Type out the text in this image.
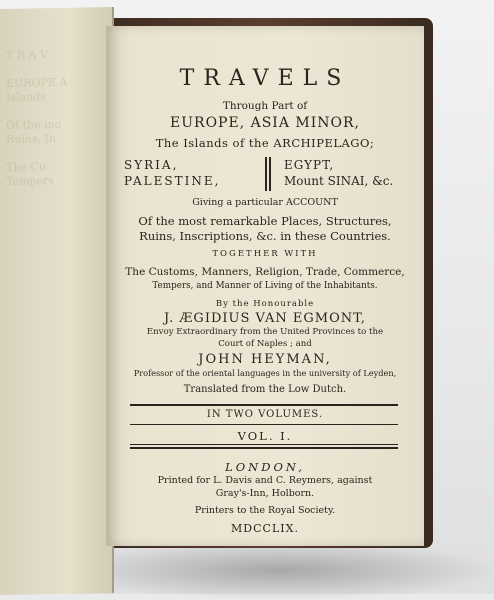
T R A V

EUROPE A
Islands

Of the mo
Ruins, In

The Cu
Tempers
TRAVELS
Through Part of
EUROPE, ASIA MINOR,
The Islands of the ARCHIPELAGO;
SYRIA,
PALESTINE,
EGYPT,
Mount SINAI, &c.
Giving a particular ACCOUNT
Of the most remarkable Places, Structures,
Ruins, Inscriptions, &c. in these Countries.
TOGETHER WITH
The Customs, Manners, Religion, Trade, Commerce,
Tempers, and Manner of Living of the Inhabitants.
By the Honourable
J. ÆGIDIUS VAN EGMONT,
Envoy Extraordinary from the United Provinces to the
Court of Naples ; and
JOHN HEYMAN,
Professor of the oriental languages in the university of Leyden,
Translated from the Low Dutch.
IN TWO VOLUMES.
VOL. I.
LONDON,
Printed for L. Davis and C. Reymers, against
Gray's-Inn, Holborn.
Printers to the Royal Society.
MDCCLIX.
